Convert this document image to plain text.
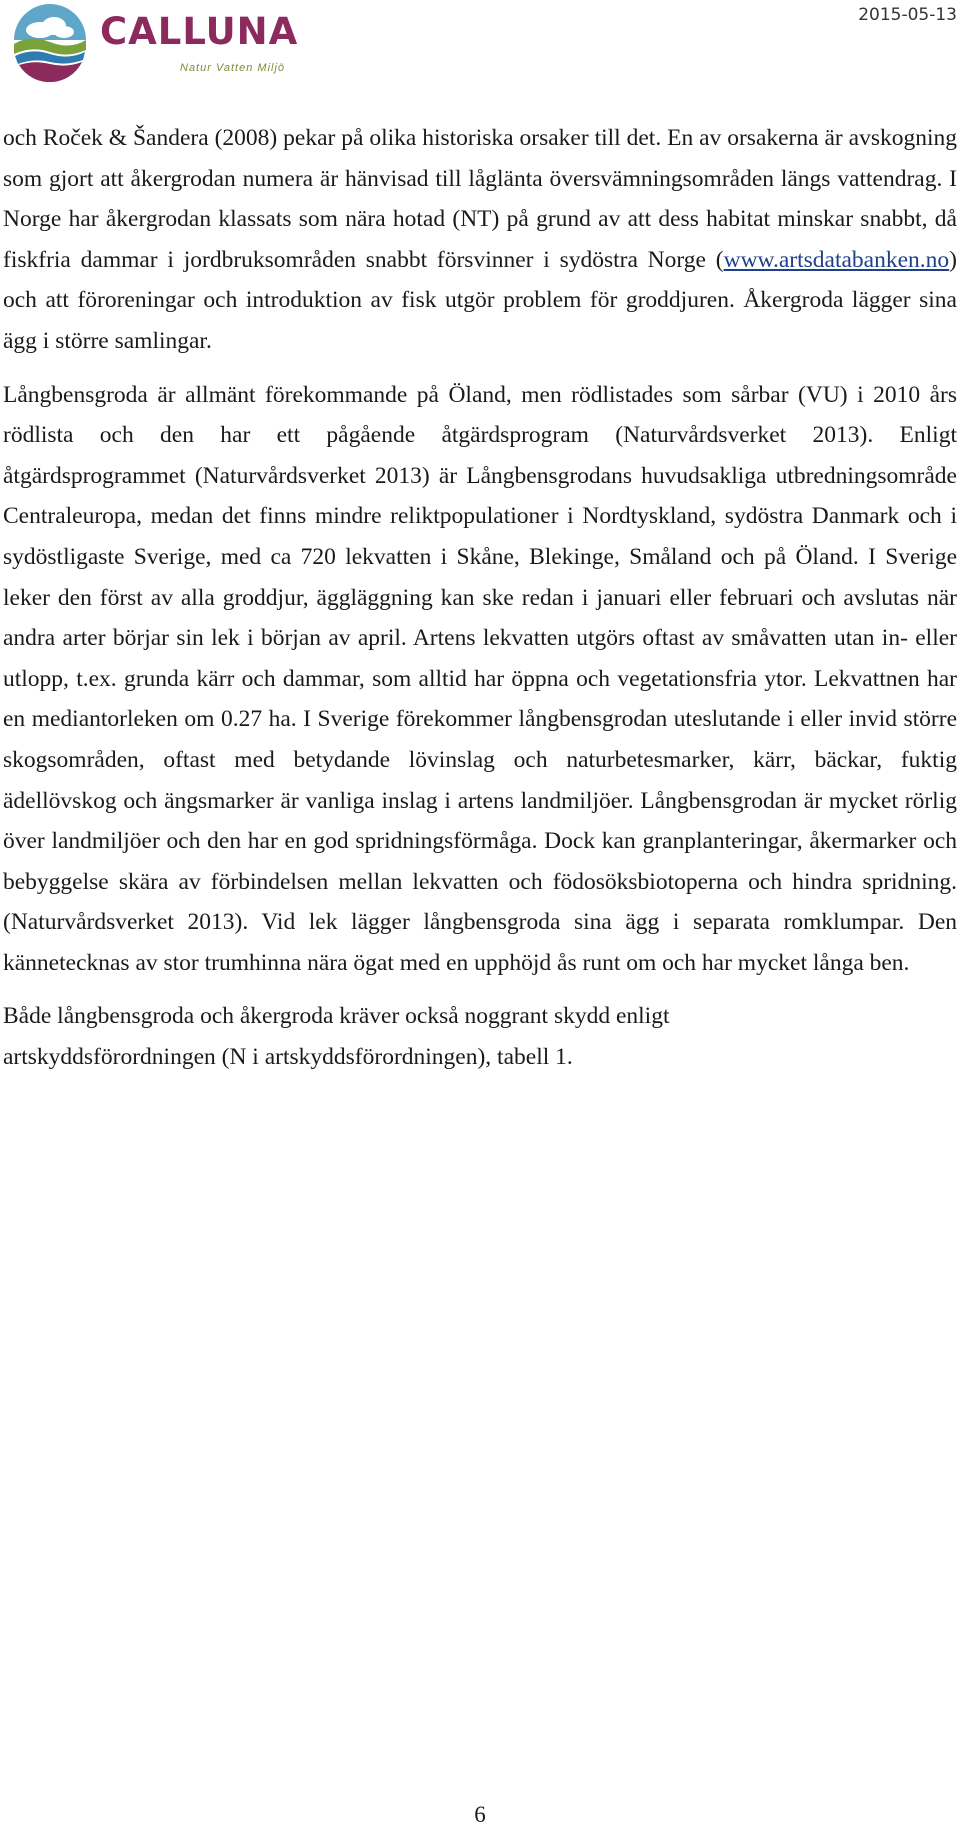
CALLUNA
Natur Vatten Miljö
2015-05-13

och Roček & Šandera (2008) pekar på olika historiska orsaker till det. En av orsakerna är avskogning som gjort att åkergrodan numera är hänvisad till låglänta översvämningsområden längs vattendrag. I Norge har åkergrodan klassats som nära hotad (NT) på grund av att dess habitat minskar snabbt, då fiskfria dammar i jordbruksområden snabbt försvinner i sydöstra Norge (www.artsdatabanken.no) och att föroreningar och introduktion av fisk utgör problem för groddjuren. Åkergroda lägger sina ägg i större samlingar.

Långbensgroda är allmänt förekommande på Öland, men rödlistades som sårbar (VU) i 2010 års rödlista och den har ett pågående åtgärdsprogram (Naturvårdsverket 2013). Enligt åtgärdsprogrammet (Naturvårdsverket 2013) är Långbensgrodans huvudsakliga utbredningsområde Centraleuropa, medan det finns mindre reliktpopulationer i Nordtyskland, sydöstra Danmark och i sydöstligaste Sverige, med ca 720 lekvatten i Skåne, Blekinge, Småland och på Öland. I Sverige leker den först av alla groddjur, äggläggning kan ske redan i januari eller februari och avslutas när andra arter börjar sin lek i början av april. Artens lekvatten utgörs oftast av småvatten utan in- eller utlopp, t.ex. grunda kärr och dammar, som alltid har öppna och vegetationsfria ytor. Lekvattnen har en mediantorleken om 0.27 ha. I Sverige förekommer långbensgrodan uteslutande i eller invid större skogsområden, oftast med betydande lövinslag och naturbetesmarker, kärr, bäckar, fuktig ädellövskog och ängsmarker är vanliga inslag i artens landmiljöer. Långbensgrodan är mycket rörlig över landmiljöer och den har en god spridningsförmåga. Dock kan granplanteringar, åkermarker och bebyggelse skära av förbindelsen mellan lekvatten och födosöksbiotoperna och hindra spridning. (Naturvårdsverket 2013). Vid lek lägger långbensgroda sina ägg i separata romklumpar. Den kännetecknas av stor trumhinna nära ögat med en upphöjd ås runt om och har mycket långa ben.

Både långbensgroda och åkergroda kräver också noggrant skydd enligt
artskyddsförordningen (N i artskyddsförordningen), tabell 1.

6
